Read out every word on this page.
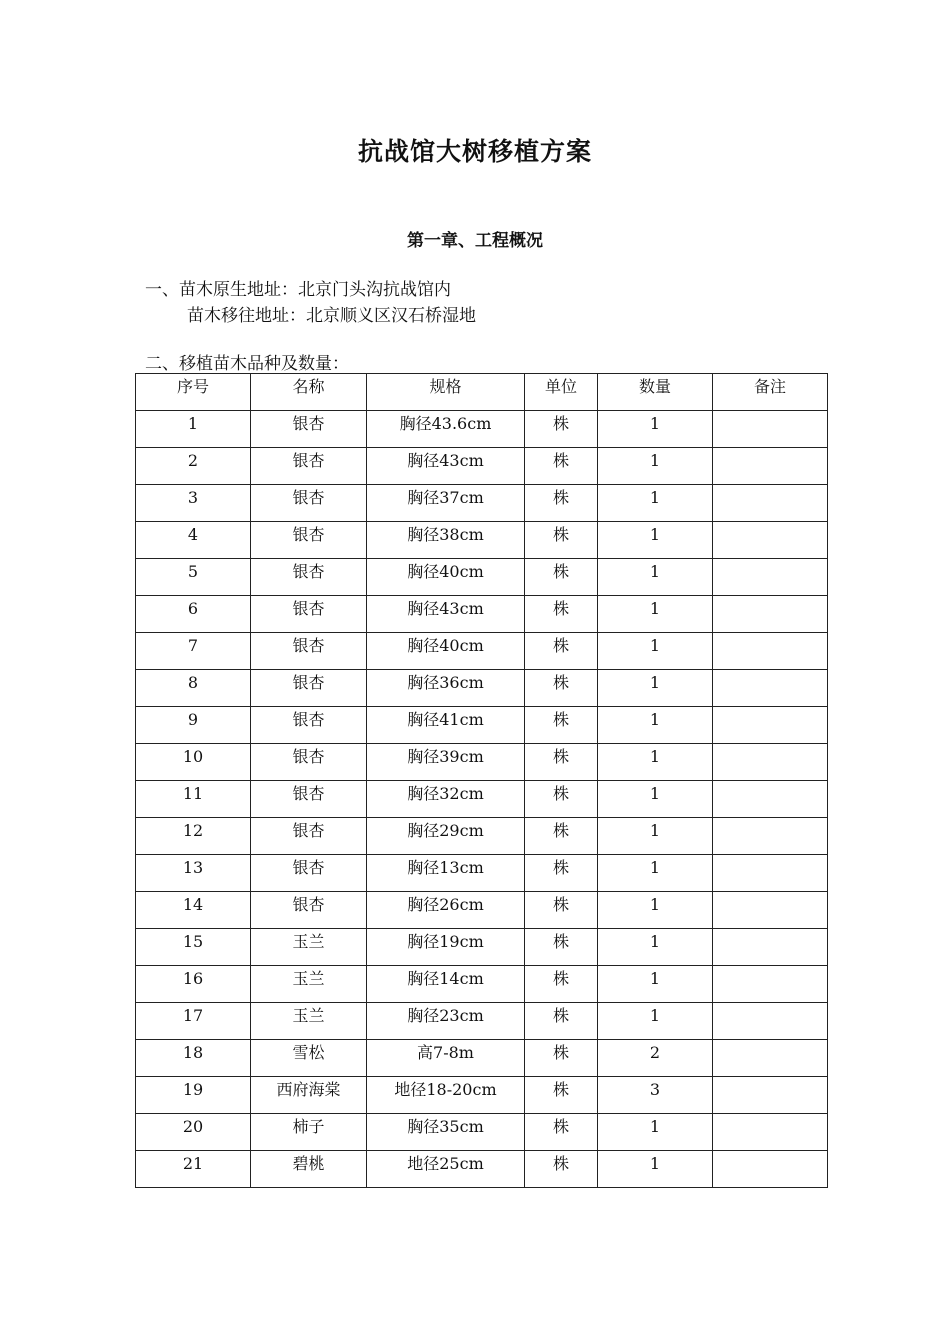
抗战馆大树移植方案
第一章、工程概况
一、苗木原生地址：北京门头沟抗战馆内
苗木移往地址：北京顺义区汉石桥湿地
二、移植苗木品种及数量：
序号	名称	规格	单位	数量	备注
1	银杏	胸径43.6cm	株	1	
2	银杏	胸径43cm	株	1	
3	银杏	胸径37cm	株	1	
4	银杏	胸径38cm	株	1	
5	银杏	胸径40cm	株	1	
6	银杏	胸径43cm	株	1	
7	银杏	胸径40cm	株	1	
8	银杏	胸径36cm	株	1	
9	银杏	胸径41cm	株	1	
10	银杏	胸径39cm	株	1	
11	银杏	胸径32cm	株	1	
12	银杏	胸径29cm	株	1	
13	银杏	胸径13cm	株	1	
14	银杏	胸径26cm	株	1	
15	玉兰	胸径19cm	株	1	
16	玉兰	胸径14cm	株	1	
17	玉兰	胸径23cm	株	1	
18	雪松	高7-8m	株	2	
19	西府海棠	地径18-20cm	株	3	
20	柿子	胸径35cm	株	1	
21	碧桃	地径25cm	株	1	
